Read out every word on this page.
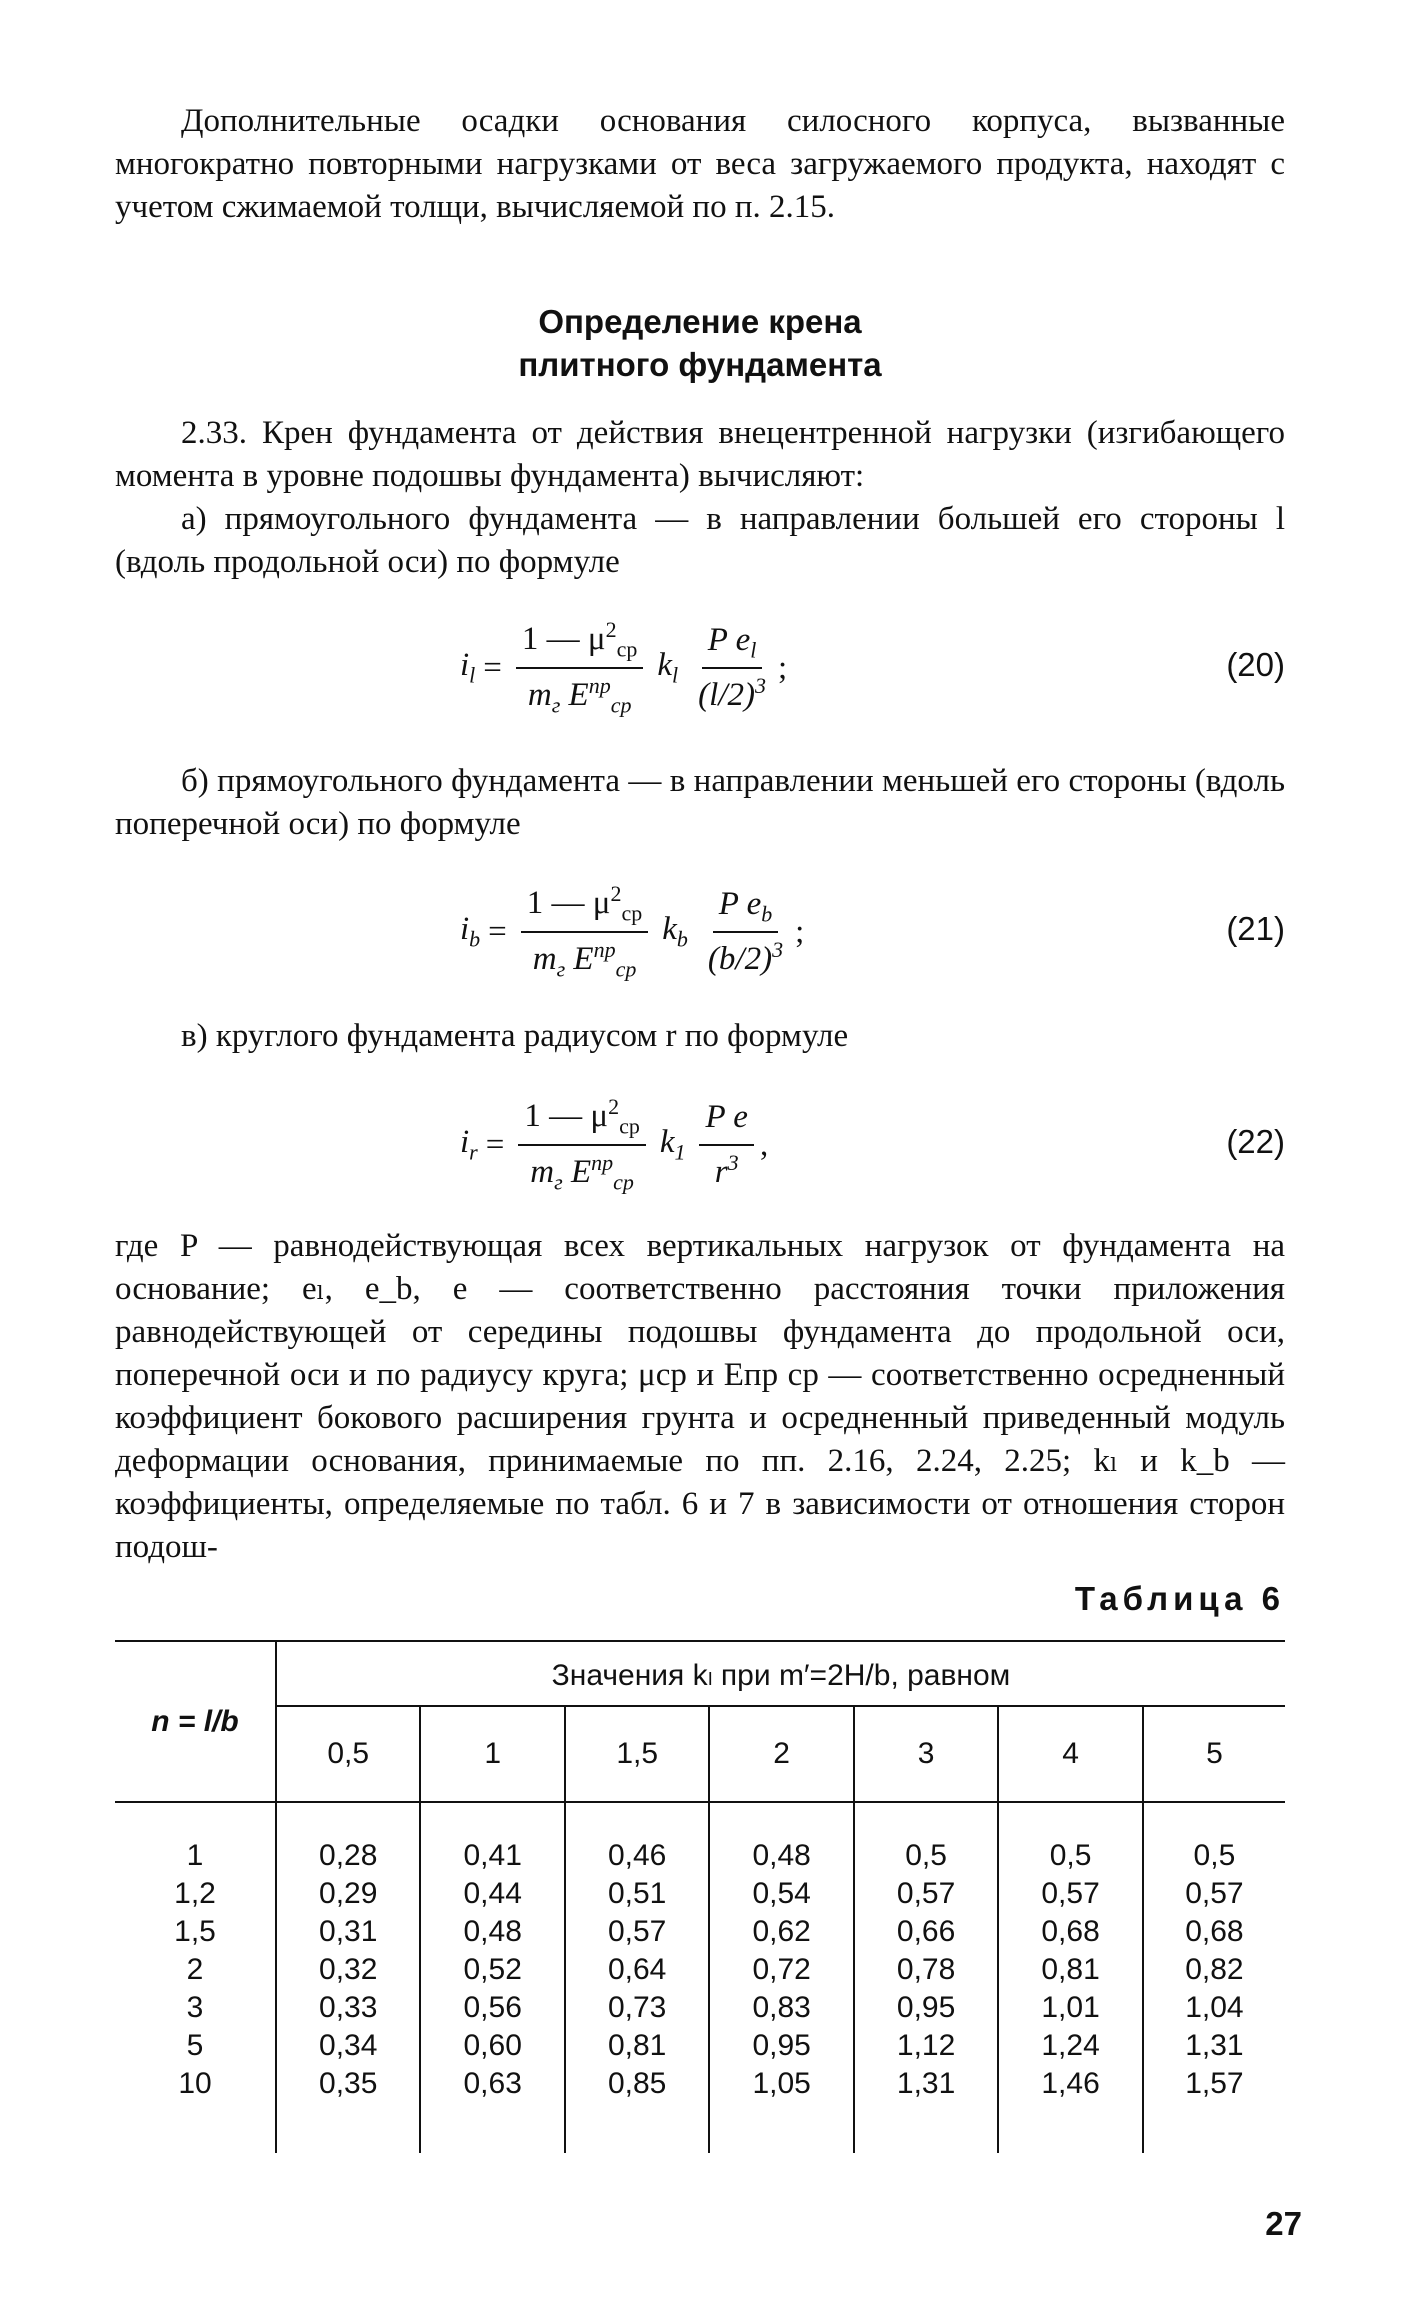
Дополнительные осадки основания силосного корпуса, вызванные многократно повторными нагрузками от веса загружаемого продукта, находят с учетом сжимаемой толщи, вычисляемой по п. 2.15.

Определение крена
плитного фундамента

2.33. Крен фундамента от действия внецентренной нагрузки (изгибающего момента в уровне подошвы фундамента) вычисляют:

а) прямоугольного фундамента — в направлении большей его стороны l (вдоль продольной оси) по формуле

$i_l = \frac{1 — \mu^2_{ср}}{m_г E^{пр}_{ср}} k_l \frac{P e_l}{(l/2)^3}$ ;	(20)

б) прямоугольного фундамента — в направлении меньшей его стороны (вдоль поперечной оси) по формуле

$i_b = \frac{1 — \mu^2_{ср}}{m_г E^{пр}_{ср}} k_b \frac{P e_b}{(b/2)^3}$ ;	(21)

в) круглого фундамента радиусом r по формуле

$i_r = \frac{1 — \mu^2_{ср}}{m_г E^{пр}_{ср}} k_1 \frac{\text{P e}}{r^3}$ ,	(22)

где P — равнодействующая всех вертикальных нагрузок от фундамента на основание; eₗ, e_b, e — соответственно расстояния точки приложения равнодействующей от середины подошвы фундамента до продольной оси, поперечной оси и по радиусу круга; μср и Eпр ср — соответственно осредненный коэффициент бокового расширения грунта и осредненный приведенный модуль деформации основания, принимаемые по пп. 2.16, 2.24, 2.25; kₗ и k_b — коэффициенты, определяемые по табл. 6 и 7 в зависимости от отношения сторон подош-

Таблица 6
n = l/b	Значения kₗ при m′=2H/b, равном						
	0,5	1	1,5	2	3	4	5
1	0,28	0,41	0,46	0,48	0,5	0,5	0,5
1,2	0,29	0,44	0,51	0,54	0,57	0,57	0,57
1,5	0,31	0,48	0,57	0,62	0,66	0,68	0,68
2	0,32	0,52	0,64	0,72	0,78	0,81	0,82
3	0,33	0,56	0,73	0,83	0,95	1,01	1,04
5	0,34	0,60	0,81	0,95	1,12	1,24	1,31
10	0,35	0,63	0,85	1,05	1,31	1,46	1,57
27
